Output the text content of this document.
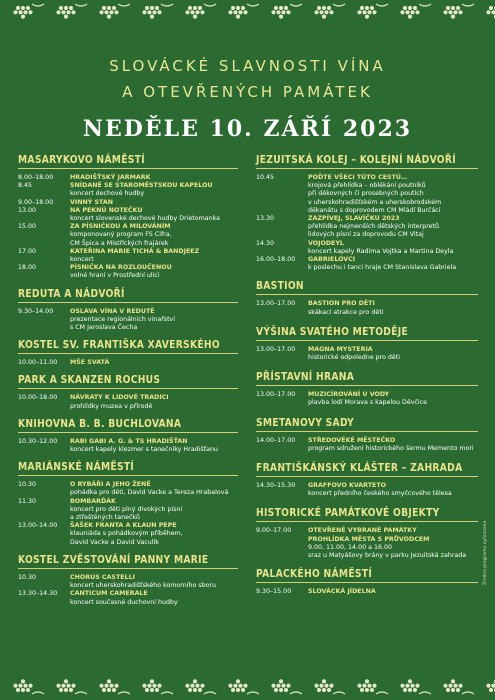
SLOVÁCKÉ SLAVNOSTI VÍNA
A OTEVŘENÝCH PAMÁTEK
NEDĚLE 10. ZÁŘÍ 2023
MASARYKOVO NÁMĚSTÍ
8.00–18.00	HRADIŠŤSKÝ JARMARK
8.45	SNÍDANĚ SE STAROMĚSTSKOU KAPELOU
koncert dechové hudby
9.00–18.00	VINNÝ STAN
13.00	NA PEKNÚ NOTEČKU
koncert slovenské dechové hudby Drietomanka
15.00	ZA PÍSNIČKOU A MILOVÁNÍM
komponovaný program FS Cifra,
CM Špica a Mistříckých frajárek
17.00	KATEŘINA MARIE TICHÁ & BANDJEEZ
koncert
18.00	PÍSNIČKA NA ROZLOUČENOU
volné hraní v Prostřední ulici
REDUTA A NÁDVOŘÍ
9.30–14.00	OSLAVA VÍNA V REDUTĚ
prezentace regionálních vinařství
s CM Jaroslava Čecha
KOSTEL SV. FRANTIŠKA XAVERSKÉHO
10.00–11.00	MŠE SVATÁ
PARK A SKANZEN ROCHUS
10.00–18.00	NÁVRATY K LIDOVÉ TRADICI
prohlídky muzea v přírodě
KNIHOVNA B. B. BUCHLOVANA
10.30–12.00	RABI GABI A. G. & TS HRADIŠŤAN
koncert kapely klezmer s tanečníky Hradišťanu
MARIÁNSKÉ NÁMĚSTÍ
10.30	O RYBÁŘI A JEHO ŽENĚ
pohádka pro děti, David Vacke a Tereza Hrabalová
11.30	BOMBARĎÁK
koncert pro děti plný divokých písní
a ztřeštěných tanečků
13.00–14.00	ŠAŠEK FRANTA A KLAUN PEPE
klauniáda s pohádkovým příběhem,
David Vacke a David Vaculík
KOSTEL ZVĚSTOVÁNÍ PANNY MARIE
10.30	CHORUS CASTELLI
koncert uherskohradišťského komorního sboru
13.30–14.30	CANTICUM CAMERALE
koncert současné duchovní hudby
JEZUITSKÁ KOLEJ – KOLEJNÍ NÁDVOŘÍ
10.45	POĎTE VŠECI TÚTO CESTÚ…
krojová přehlídka – oblékání poutníků
při děkovných či prosebných poutích
v uherskohradišťském a uherskobrodském
děkanátu s doprovodem CM Mládí Burčáci
13.30	ZAZPÍVEJ, SLAVÍČKU 2023
přehlídka nejmenších dětských interpretů
lidových písní za doprovodu CM Vitaj
14.30	VOJODEYL
koncert kapely Radima Vojtka a Martina Deyla
16.00–18.00	GABRIELOVCI
k poslechu i tanci hraje CM Stanislava Gabriela
BASTION
13.00–17.00	BASTION PRO DĚTI
skákací atrakce pro děti
VÝŠINA SVATÉHO METODĚJE
13.00–17.00	MAGNA MYSTERIA
historické odpoledne pro děti
PŘÍSTAVNÍ HRANA
13.00–17.00	MUZICÍROVÁNÍ U VODY
plavba lodí Morava s kapelou Děvčice
SMETANOVY SADY
14.00–17.00	STŘEDOVĚKÉ MĚSTEČKO
program sdružení historického šermu Memento mori
FRANTIŠKÁNSKÝ KLÁŠTER – ZAHRADA
14.30–15.30	GRAFFOVO KVARTETO
koncert předního českého smyčcového tělesa
HISTORICKÉ PAMÁTKOVÉ OBJEKTY
9.00–17.00	OTEVŘENÉ VYBRANÉ PAMÁTKY
PROHLÍDKA MĚSTA S PRŮVODCEM
9.00, 11.00, 14.00 a 16.00
sraz u Matyášovy brány v parku Jezuitská zahrada
PALACKÉHO NÁMĚSTÍ
9.30–15.00	SLOVÁCKÁ JÍDELNA
Změna programu vyhrazena
